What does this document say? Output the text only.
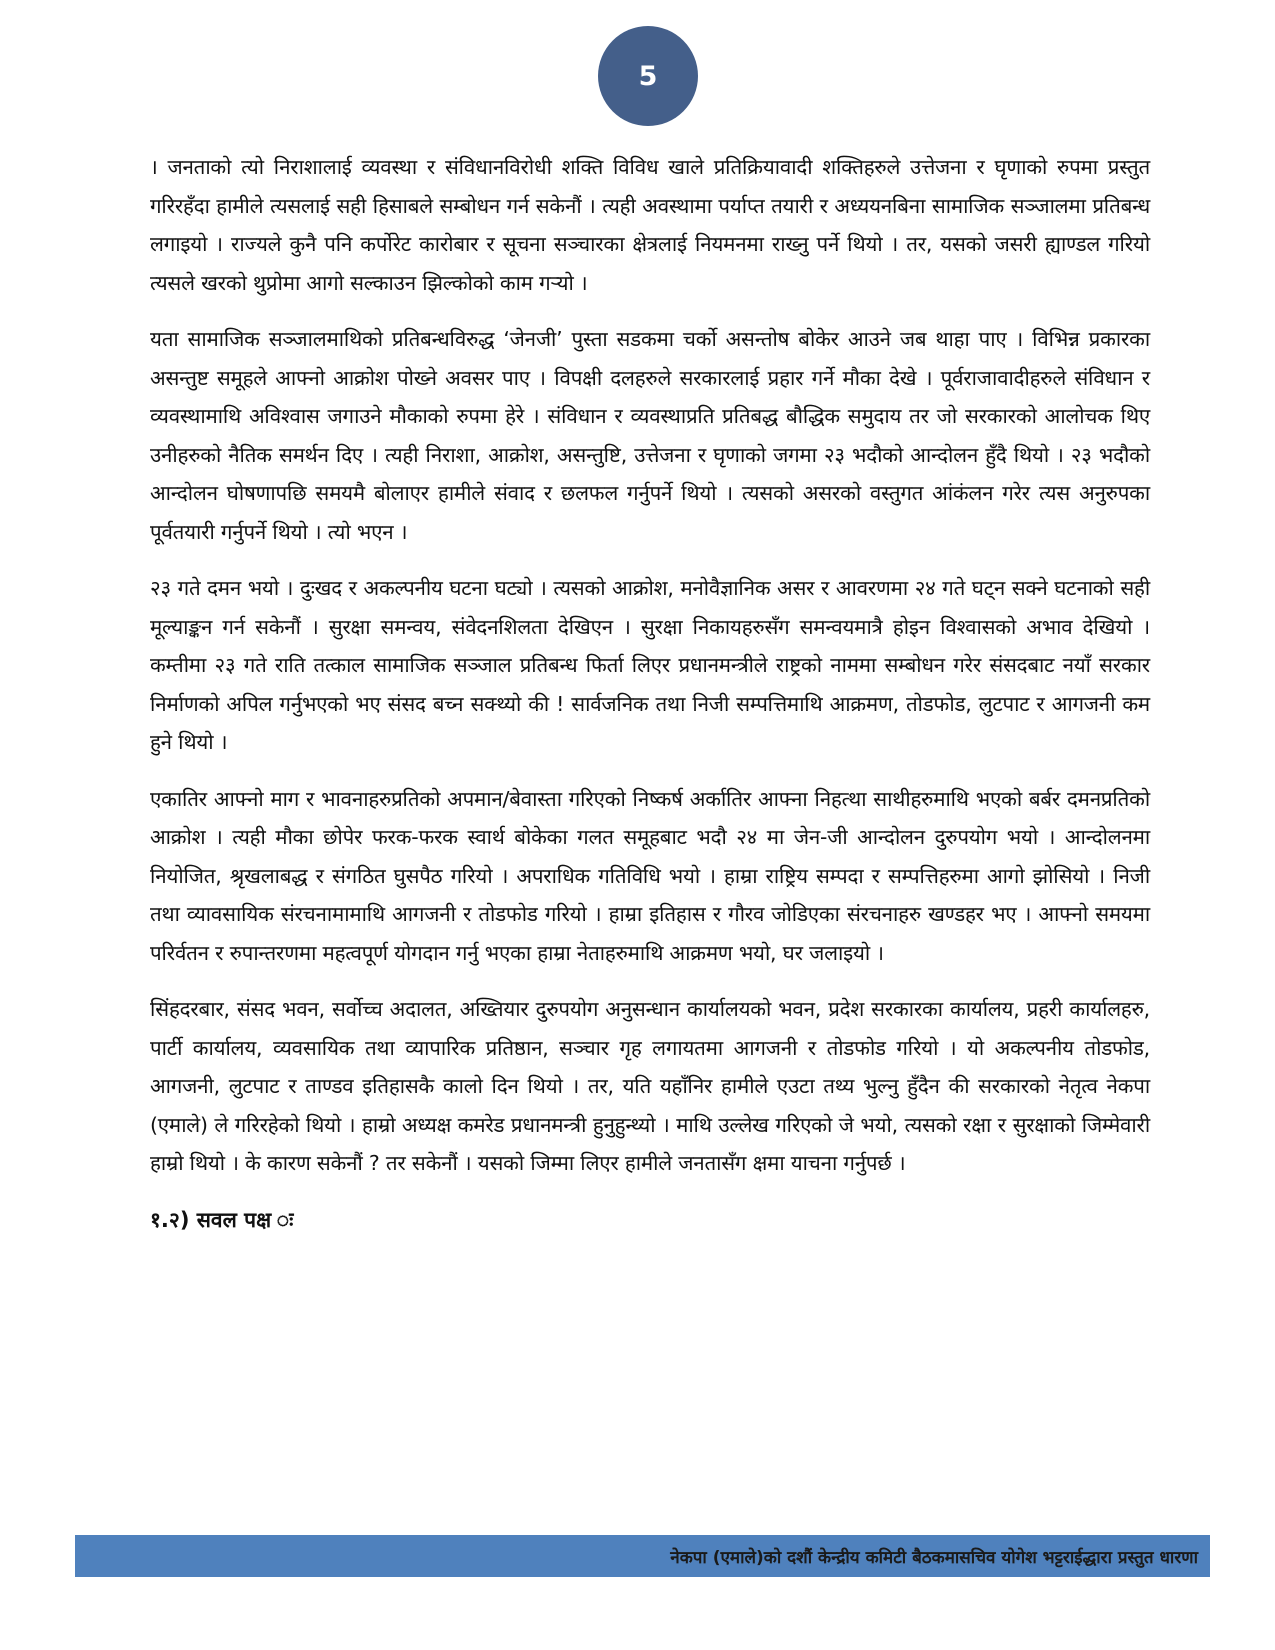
5

। जनताको त्यो निराशालाई व्यवस्था र संविधानविरोधी शक्ति विविध खाले प्रतिक्रियावादी शक्तिहरुले उत्तेजना र घृणाको रुपमा प्रस्तुत गरिरहँदा हामीले त्यसलाई सही हिसाबले सम्बोधन गर्न सकेनौं । त्यही अवस्थामा पर्याप्त तयारी र अध्ययनबिना सामाजिक सञ्जालमा प्रतिबन्ध लगाइयो । राज्यले कुनै पनि कर्पोरेट कारोबार र सूचना सञ्चारका क्षेत्रलाई नियमनमा राख्नु पर्ने थियो । तर, यसको जसरी ह्याण्डल गरियो त्यसले खरको थुप्रोमा आगो सल्काउन झिल्कोको काम गऱ्यो ।

यता सामाजिक सञ्जालमाथिको प्रतिबन्धविरुद्ध ‘जेनजी’ पुस्ता सडकमा चर्को असन्तोष बोकेर आउने जब थाहा पाए । विभिन्न प्रकारका असन्तुष्ट समूहले आफ्नो आक्रोश पोख्ने अवसर पाए । विपक्षी दलहरुले सरकारलाई प्रहार गर्ने मौका देखे । पूर्वराजावादीहरुले संविधान र व्यवस्थामाथि अविश्वास जगाउने मौकाको रुपमा हेरे । संविधान र व्यवस्थाप्रति प्रतिबद्ध बौद्धिक समुदाय तर जो सरकारको आलोचक थिए उनीहरुको नैतिक समर्थन दिए । त्यही निराशा, आक्रोश, असन्तुष्टि, उत्तेजना र घृणाको जगमा २३ भदौको आन्दोलन हुँदै थियो । २३ भदौको आन्दोलन घोषणापछि समयमै बोलाएर हामीले संवाद र छलफल गर्नुपर्ने थियो । त्यसको असरको वस्तुगत आंकंलन गरेर त्यस अनुरुपका पूर्वतयारी गर्नुपर्ने थियो । त्यो भएन ।

२३ गते दमन भयो । दुःखद र अकल्पनीय घटना घट्यो । त्यसको आक्रोश, मनोवैज्ञानिक असर र आवरणमा २४ गते घट्न सक्ने घटनाको सही मूल्याङ्कन गर्न सकेनौं । सुरक्षा समन्वय, संवेदनशिलता देखिएन । सुरक्षा निकायहरुसँग समन्वयमात्रै होइन विश्वासको अभाव देखियो । कम्तीमा २३ गते राति तत्काल सामाजिक सञ्जाल प्रतिबन्ध फिर्ता लिएर प्रधानमन्त्रीले राष्ट्रको नाममा सम्बोधन गरेर संसदबाट नयाँ सरकार निर्माणको अपिल गर्नुभएको भए संसद बच्न सक्थ्यो की ! सार्वजनिक तथा निजी सम्पत्तिमाथि आक्रमण, तोडफोड, लुटपाट र आगजनी कम हुने थियो ।

एकातिर आफ्नो माग र भावनाहरुप्रतिको अपमान/बेवास्ता गरिएको निष्कर्ष अर्कातिर आफ्ना निहत्था साथीहरुमाथि भएको बर्बर दमनप्रतिको आक्रोश । त्यही मौका छोपेर फरक-फरक स्वार्थ बोकेका गलत समूहबाट भदौ २४ मा जेन-जी आन्दोलन दुरुपयोग भयो । आन्दोलनमा नियोजित, श्रृखलाबद्ध र संगठित घुसपैठ गरियो । अपराधिक गतिविधि भयो । हाम्रा राष्ट्रिय सम्पदा र सम्पत्तिहरुमा आगो झोसियो । निजी तथा व्यावसायिक संरचनामामाथि आगजनी र तोडफोड गरियो । हाम्रा इतिहास र गौरव जोडिएका संरचनाहरु खण्डहर भए । आफ्नो समयमा परिर्वतन र रुपान्तरणमा महत्वपूर्ण योगदान गर्नु भएका हाम्रा नेताहरुमाथि आक्रमण भयो, घर जलाइयो ।

सिंहदरबार, संसद भवन, सर्वोच्च अदालत, अख्तियार दुरुपयोग अनुसन्धान कार्यालयको भवन, प्रदेश सरकारका कार्यालय, प्रहरी कार्यालहरु, पार्टी कार्यालय, व्यवसायिक तथा व्यापारिक प्रतिष्ठान, सञ्चार गृह लगायतमा आगजनी र तोडफोड गरियो । यो अकल्पनीय तोडफोड, आगजनी, लुटपाट र ताण्डव इतिहासकै कालो दिन थियो । तर, यति यहाँनिर हामीले एउटा तथ्य भुल्नु हुँदैन की सरकारको नेतृत्व नेकपा (एमाले) ले गरिरहेको थियो । हाम्रो अध्यक्ष कमरेड प्रधानमन्त्री हुनुहुन्थ्यो । माथि उल्लेख गरिएको जे भयो, त्यसको रक्षा र सुरक्षाको जिम्मेवारी हाम्रो थियो । के कारण सकेनौं ? तर सकेनौं । यसको जिम्मा लिएर हामीले जनतासँग क्षमा याचना गर्नुपर्छ ।

१.२) सवल पक्ष ः
नेकपा (एमाले)को दशौं केन्द्रीय कमिटी बैठकमासचिव योगेश भट्टराईद्धारा प्रस्तुत धारणा
